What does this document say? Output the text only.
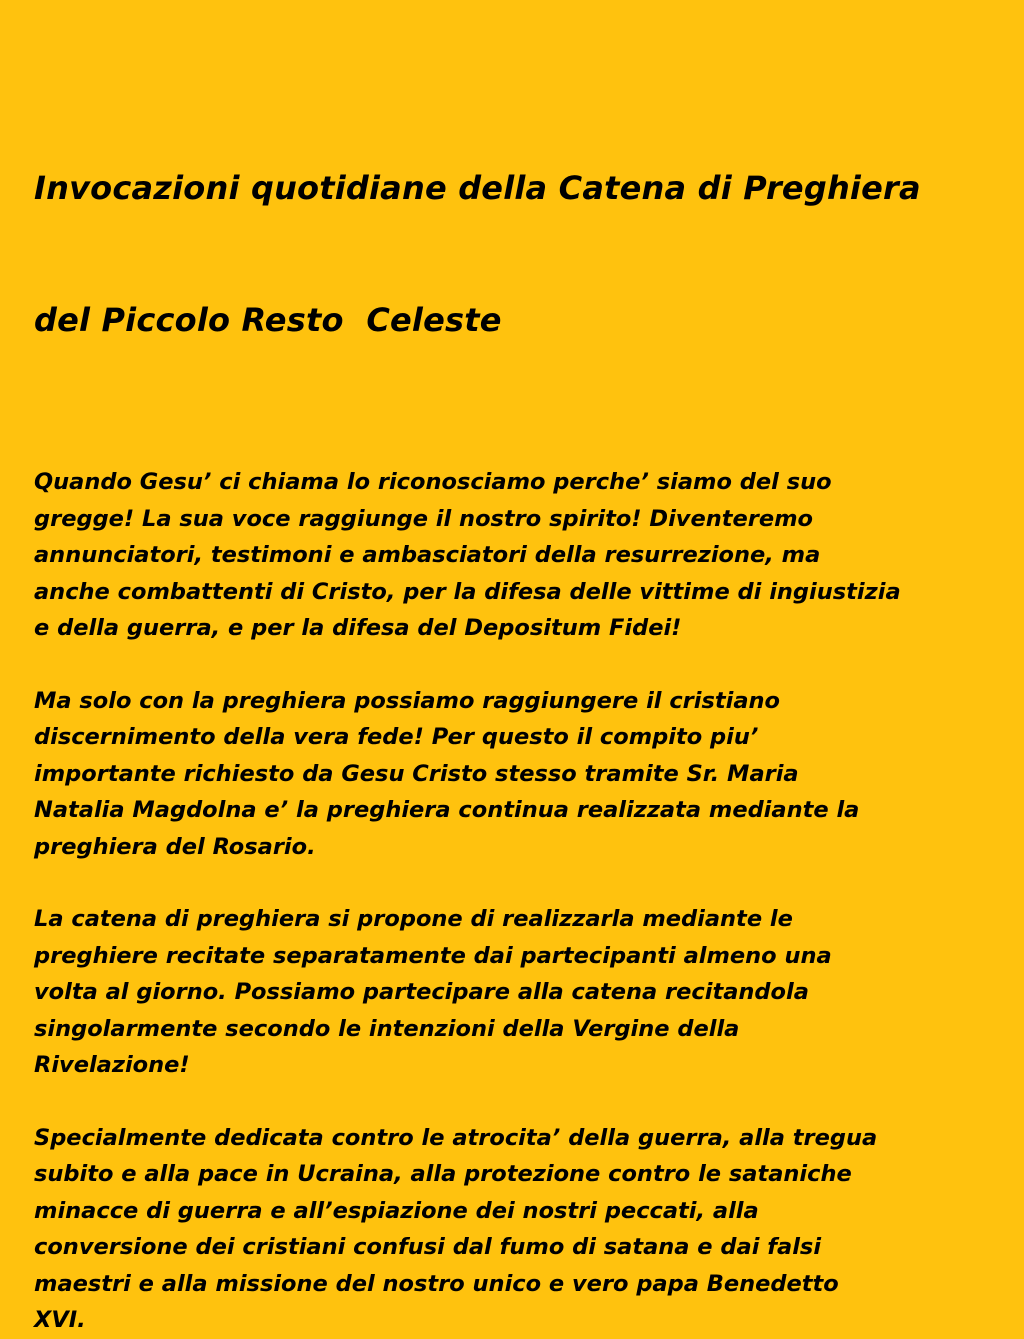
Invocazioni quotidiane della Catena di Preghiera

del Piccolo Resto  Celeste

Quando Gesu’ ci chiama lo riconosciamo perche’ siamo del suo
gregge! La sua voce raggiunge il nostro spirito! Diventeremo
annunciatori, testimoni e ambasciatori della resurrezione, ma
anche combattenti di Cristo, per la difesa delle vittime di ingiustizia
e della guerra, e per la difesa del Depositum Fidei!

Ma solo con la preghiera possiamo raggiungere il cristiano
discernimento della vera fede! Per questo il compito piu’
importante richiesto da Gesu Cristo stesso tramite Sr. Maria
Natalia Magdolna e’ la preghiera continua realizzata mediante la
preghiera del Rosario.

La catena di preghiera si propone di realizzarla mediante le
preghiere recitate separatamente dai partecipanti almeno una
volta al giorno. Possiamo partecipare alla catena recitandola
singolarmente secondo le intenzioni della Vergine della
Rivelazione!

Specialmente dedicata contro le atrocita’ della guerra, alla tregua
subito e alla pace in Ucraina, alla protezione contro le sataniche
minacce di guerra e all’espiazione dei nostri peccati, alla
conversione dei cristiani confusi dal fumo di satana e dai falsi
maestri e alla missione del nostro unico e vero papa Benedetto
XVI.
